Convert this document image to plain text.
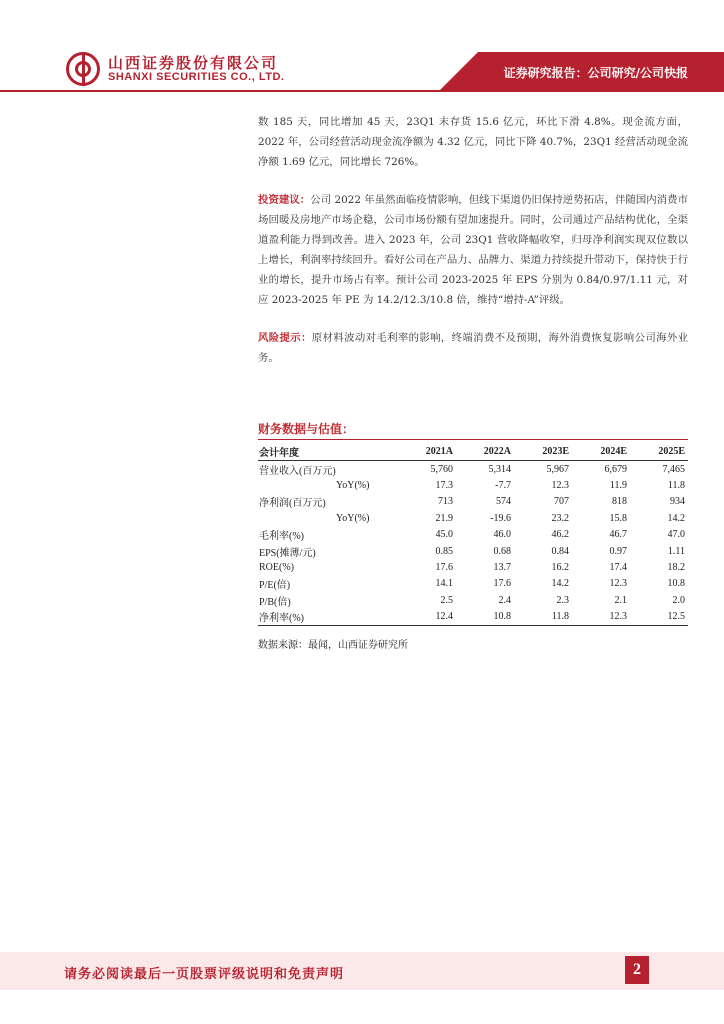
山西证券股份有限公司
SHANXI SECURITIES CO., LTD.	证券研究报告：公司研究/公司快报

数 185 天，同比增加 45 天，23Q1 末存货 15.6 亿元，环比下滑 4.8%。现金流方面，2022 年，公司经营活动现金流净额为 4.32 亿元，同比下降 40.7%，23Q1 经营活动现金流净额 1.69 亿元，同比增长 726%。

投资建议：公司 2022 年虽然面临疫情影响，但线下渠道仍旧保持逆势拓店，伴随国内消费市场回暖及房地产市场企稳，公司市场份额有望加速提升。同时，公司通过产品结构优化，全渠道盈利能力得到改善。进入 2023 年，公司 23Q1 营收降幅收窄，归母净利润实现双位数以上增长，利润率持续回升。看好公司在产品力、品牌力、渠道力持续提升带动下，保持快于行业的增长，提升市场占有率。预计公司 2023-2025 年 EPS 分别为 0.84/0.97/1.11 元，对应 2023-2025 年 PE 为 14.2/12.3/10.8 倍，维持“增持-A”评级。

风险提示：原材料波动对毛利率的影响，终端消费不及预期，海外消费恢复影响公司海外业务。

财务数据与估值：
会计年度	2021A	2022A	2023E	2024E	2025E
营业收入(百万元)	5,760	5,314	5,967	6,679	7,465
YoY(%)	17.3	-7.7	12.3	11.9	11.8
净利润(百万元)	713	574	707	818	934
YoY(%)	21.9	-19.6	23.2	15.8	14.2
毛利率(%)	45.0	46.0	46.2	46.7	47.0
EPS(摊薄/元)	0.85	0.68	0.84	0.97	1.11
ROE(%)	17.6	13.7	16.2	17.4	18.2
P/E(倍)	14.1	17.6	14.2	12.3	10.8
P/B(倍)	2.5	2.4	2.3	2.1	2.0
净利率(%)	12.4	10.8	11.8	12.3	12.5
数据来源：最闻，山西证券研究所
请务必阅读最后一页股票评级说明和免责声明	2
